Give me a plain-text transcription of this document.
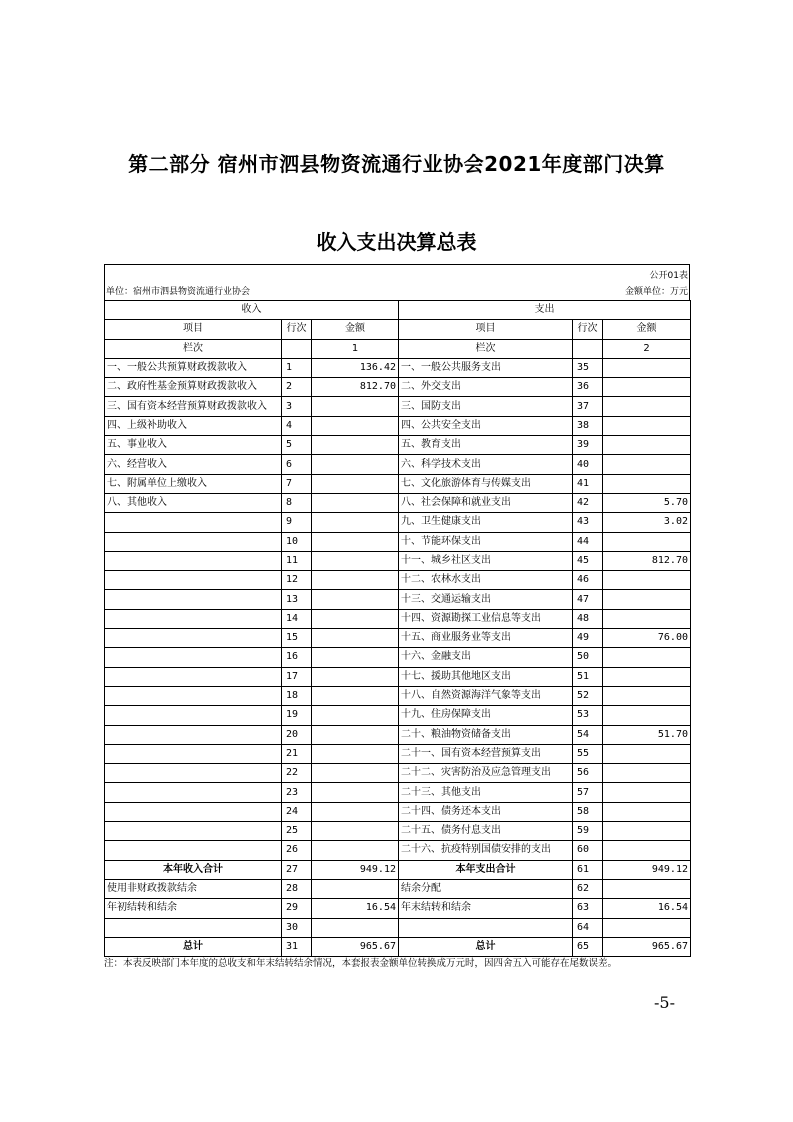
第二部分 宿州市泗县物资流通行业协会2021年度部门决算
收入支出决算总表
公开01表
单位：宿州市泗县物资流通行业协会	金额单位：万元
收入			支出		
项目	行次	金额	项目	行次	金额
栏次		1	栏次		2
一、一般公共预算财政拨款收入	1	136.42	一、一般公共服务支出	35	
二、政府性基金预算财政拨款收入	2	812.70	二、外交支出	36	
三、国有资本经营预算财政拨款收入	3		三、国防支出	37	
四、上级补助收入	4		四、公共安全支出	38	
五、事业收入	5		五、教育支出	39	
六、经营收入	6		六、科学技术支出	40	
七、附属单位上缴收入	7		七、文化旅游体育与传媒支出	41	
八、其他收入	8		八、社会保障和就业支出	42	5.70
	9		九、卫生健康支出	43	3.02
	10		十、节能环保支出	44	
	11		十一、城乡社区支出	45	812.70
	12		十二、农林水支出	46	
	13		十三、交通运输支出	47	
	14		十四、资源勘探工业信息等支出	48	
	15		十五、商业服务业等支出	49	76.00
	16		十六、金融支出	50	
	17		十七、援助其他地区支出	51	
	18		十八、自然资源海洋气象等支出	52	
	19		十九、住房保障支出	53	
	20		二十、粮油物资储备支出	54	51.70
	21		二十一、国有资本经营预算支出	55	
	22		二十二、灾害防治及应急管理支出	56	
	23		二十三、其他支出	57	
	24		二十四、债务还本支出	58	
	25		二十五、债务付息支出	59	
	26		二十六、抗疫特别国债安排的支出	60	
本年收入合计	27	949.12	本年支出合计	61	949.12
使用非财政拨款结余	28		结余分配	62	
年初结转和结余	29	16.54	年末结转和结余	63	16.54
	30			64	
总计	31	965.67	总计	65	965.67
注：本表反映部门本年度的总收支和年末结转结余情况，本套报表金额单位转换成万元时，因四舍五入可能存在尾数误差。
-5-
